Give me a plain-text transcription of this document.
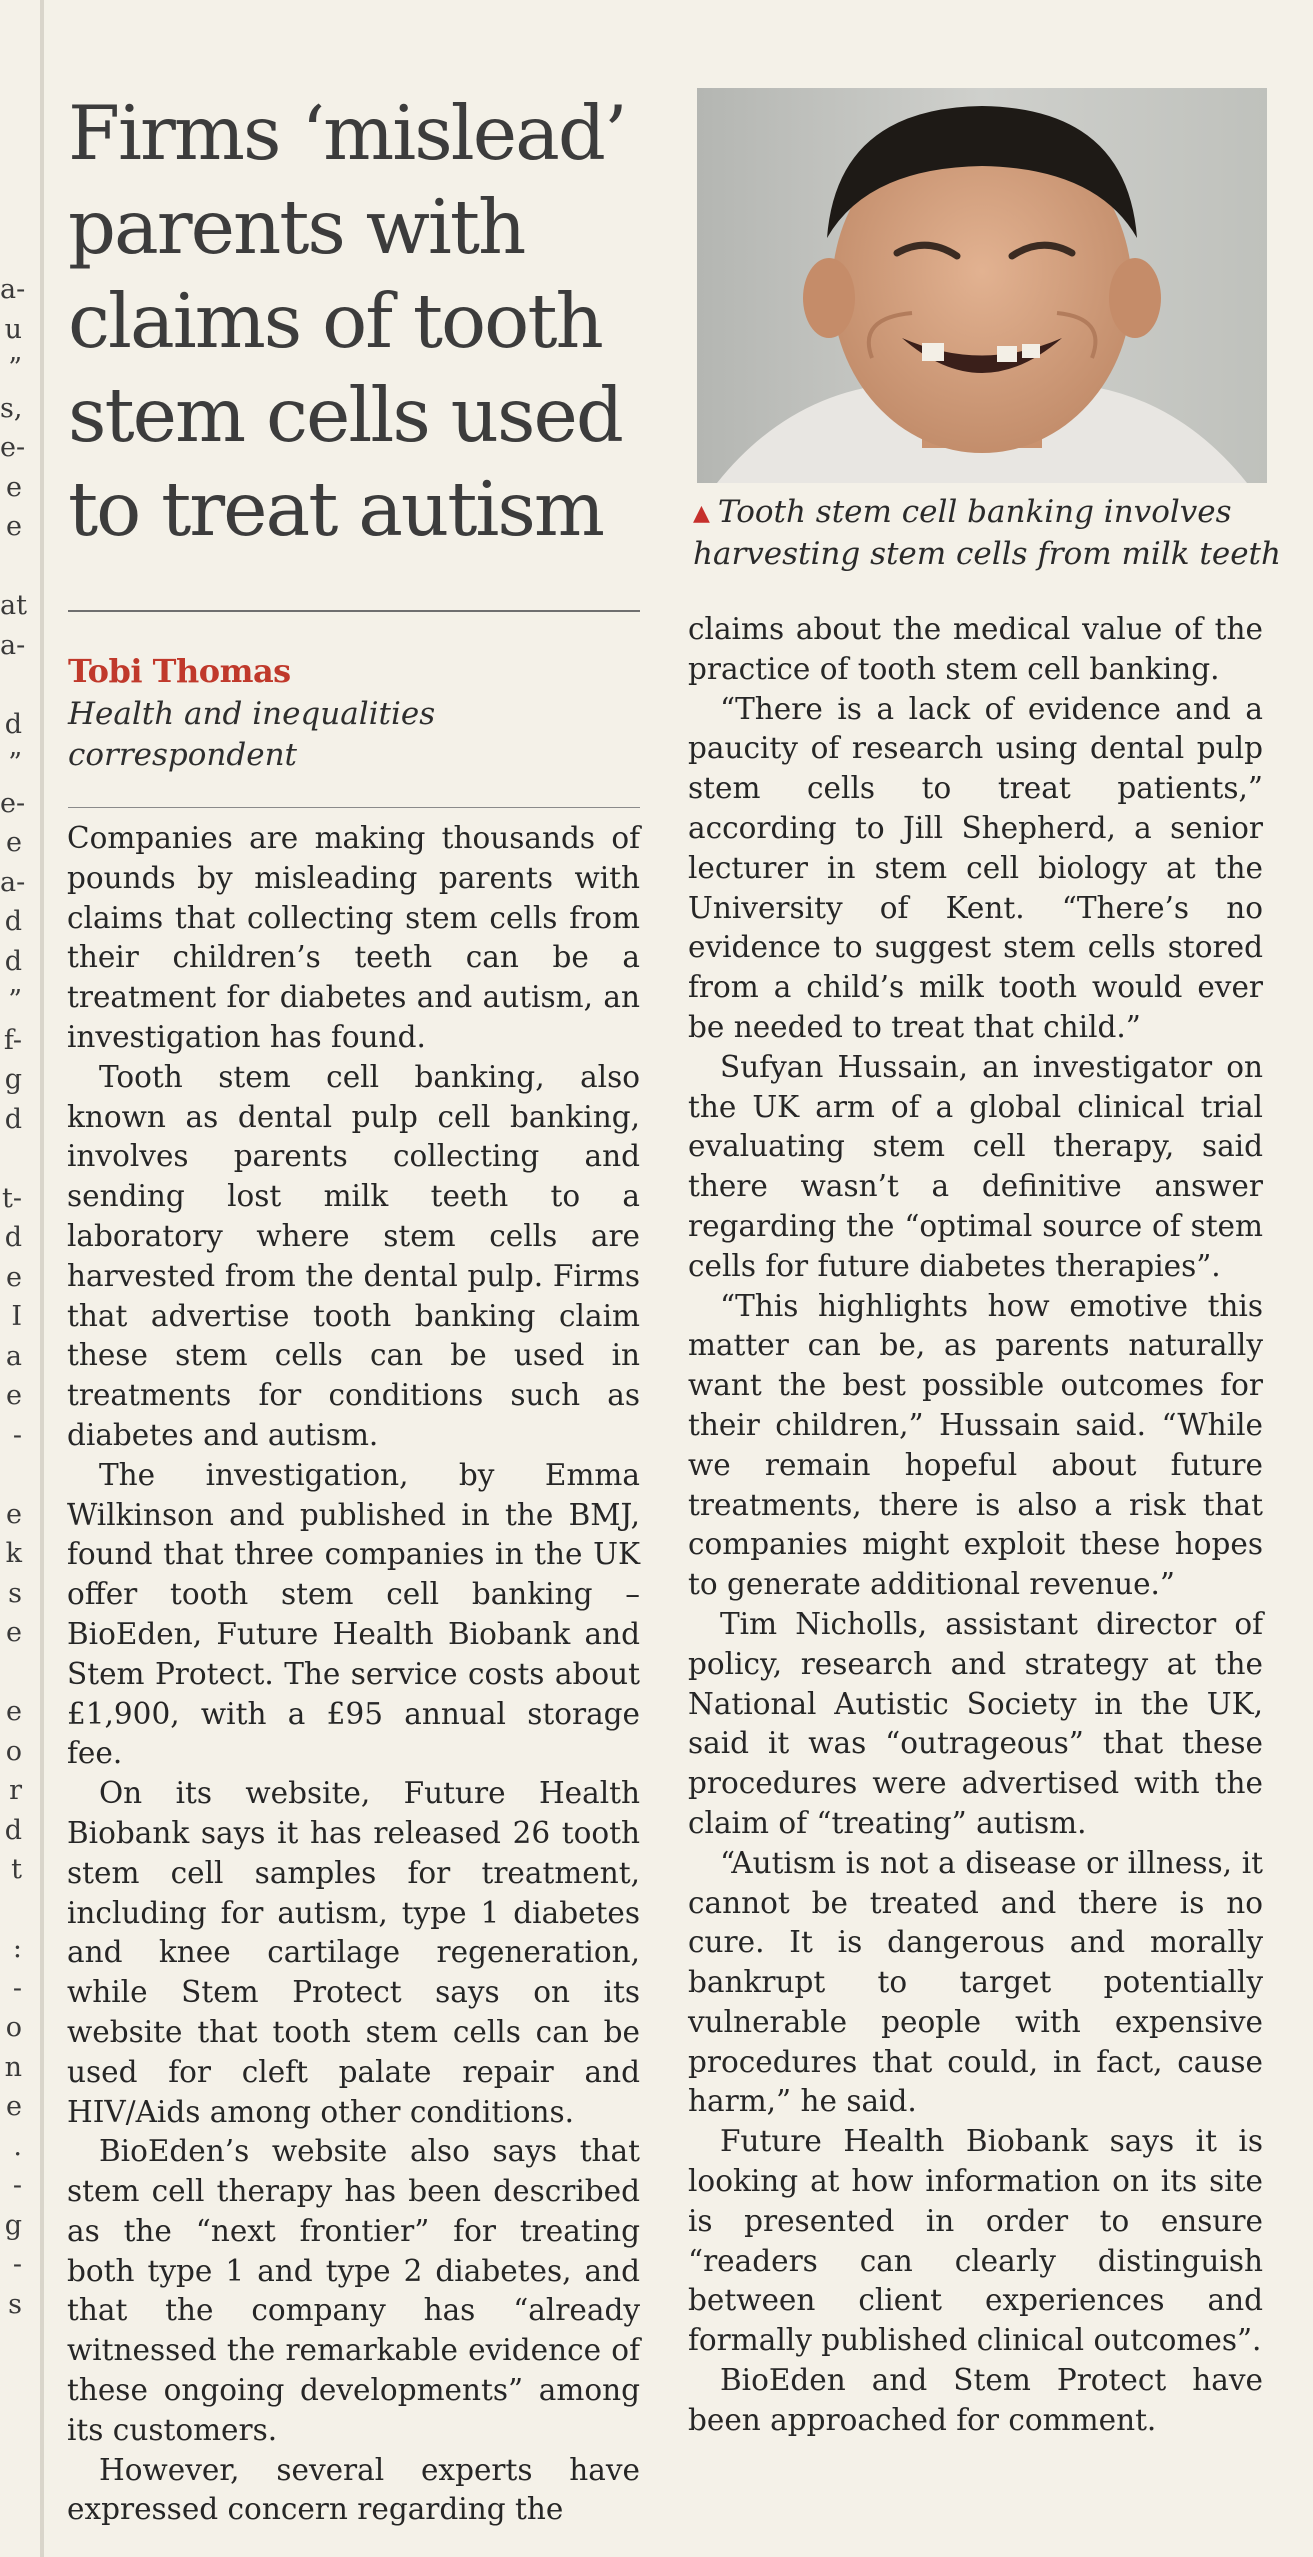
a-
u
”
s,
e-
e
e
at
a-
d
”
e-
e
a-
d
d
”
f-
g
d
t-
d
e
I
a
e
-
e
k
s
e
e
o
r
d
t
:
-
o
n
e
.
-
g
-
s
Firms ‘mislead’ parents with claims of tooth stem cells used to treat autism	▲ Tooth stem cell banking involves harvesting stem cells from milk teeth
Tobi Thomas
Health and inequalities correspondent

Companies are making thousands of pounds by misleading parents with claims that collecting stem cells from their children’s teeth can be a treatment for diabetes and autism, an investigation has found.

Tooth stem cell banking, also known as dental pulp cell banking, involves parents collecting and sending lost milk teeth to a laboratory where stem cells are harvested from the dental pulp. Firms that advertise tooth banking claim these stem cells can be used in treatments for conditions such as diabetes and autism.

The investigation, by Emma Wilkinson and published in the BMJ, found that three companies in the UK offer tooth stem cell banking – BioEden, Future Health Biobank and Stem Protect. The service costs about £1,900, with a £95 annual storage fee.

On its website, Future Health Biobank says it has released 26 tooth stem cell samples for treatment, including for autism, type 1 diabetes and knee cartilage regeneration, while Stem Protect says on its website that tooth stem cells can be used for cleft palate repair and HIV/Aids among other conditions.

BioEden’s website also says that stem cell therapy has been described as the “next frontier” for treating both type 1 and type 2 diabetes, and that the company has “already witnessed the remarkable evidence of these ongoing developments” among its customers.

However, several experts have expressed concern regarding the

claims about the medical value of the practice of tooth stem cell banking.

“There is a lack of evidence and a paucity of research using dental pulp stem cells to treat patients,” according to Jill Shepherd, a senior lecturer in stem cell biology at the University of Kent. “There’s no evidence to suggest stem cells stored from a child’s milk tooth would ever be needed to treat that child.”

Sufyan Hussain, an investigator on the UK arm of a global clinical trial evaluating stem cell therapy, said there wasn’t a definitive answer regarding the “optimal source of stem cells for future diabetes therapies”.

“This highlights how emotive this matter can be, as parents naturally want the best possible outcomes for their children,” Hussain said. “While we remain hopeful about future treatments, there is also a risk that companies might exploit these hopes to generate additional revenue.”

Tim Nicholls, assistant director of policy, research and strategy at the National Autistic Society in the UK, said it was “outrageous” that these procedures were advertised with the claim of “treating” autism.

“Autism is not a disease or illness, it cannot be treated and there is no cure. It is dangerous and morally bankrupt to target potentially vulnerable people with expensive procedures that could, in fact, cause harm,” he said.

Future Health Biobank says it is looking at how information on its site is presented in order to ensure “readers can clearly distinguish between client experiences and formally published clinical outcomes”.

BioEden and Stem Protect have been approached for comment.
